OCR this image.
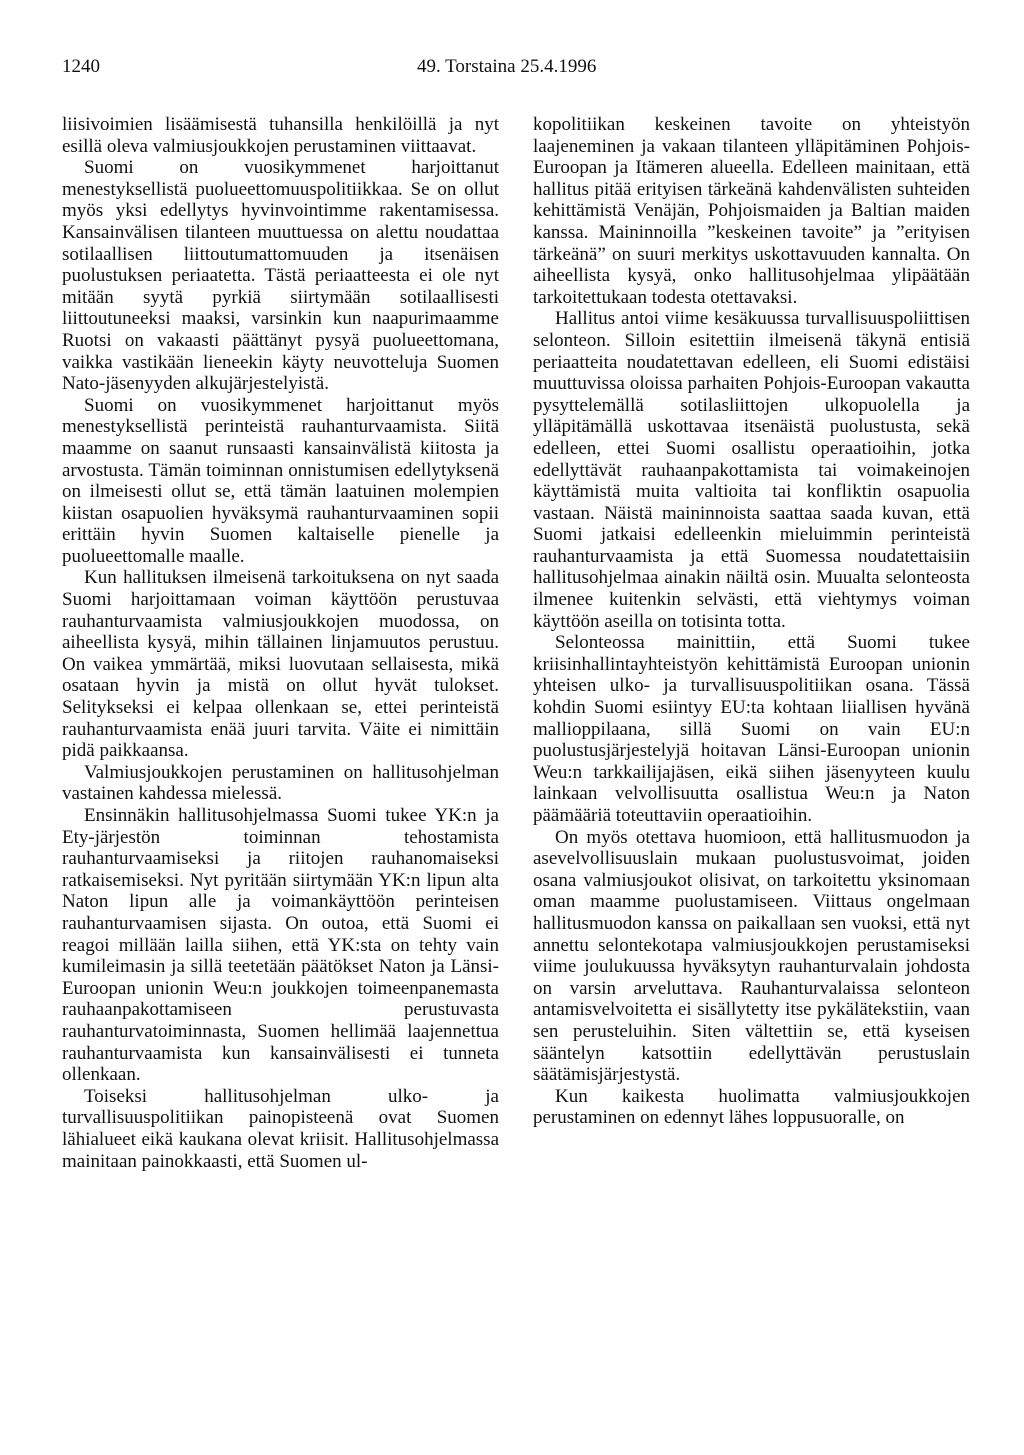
1240	49. Torstaina 25.4.1996

liisivoimien lisäämisestä tuhansilla henkilöillä ja nyt esillä oleva valmiusjoukkojen perustaminen viittaavat.

Suomi on vuosikymmenet harjoittanut menestyksellistä puolueettomuuspolitiikkaa. Se on ollut myös yksi edellytys hyvinvointimme rakentamisessa. Kansainvälisen tilanteen muuttuessa on alettu noudattaa sotilaallisen liittoutumattomuuden ja itsenäisen puolustuksen periaatetta. Tästä periaatteesta ei ole nyt mitään syytä pyrkiä siirtymään sotilaallisesti liittoutuneeksi maaksi, varsinkin kun naapurimaamme Ruotsi on vakaasti päättänyt pysyä puolueettomana, vaikka vastikään lieneekin käyty neuvotteluja Suomen Nato-jäsenyyden alkujärjestelyistä.

Suomi on vuosikymmenet harjoittanut myös menestyksellistä perinteistä rauhanturvaamista. Siitä maamme on saanut runsaasti kansainvälistä kiitosta ja arvostusta. Tämän toiminnan onnistumisen edellytyksenä on ilmeisesti ollut se, että tämän laatuinen molempien kiistan osapuolien hyväksymä rauhanturvaaminen sopii erittäin hyvin Suomen kaltaiselle pienelle ja puolueettomalle maalle.

Kun hallituksen ilmeisenä tarkoituksena on nyt saada Suomi harjoittamaan voiman käyttöön perustuvaa rauhanturvaamista valmiusjoukkojen muodossa, on aiheellista kysyä, mihin tällainen linjamuutos perustuu. On vaikea ymmärtää, miksi luovutaan sellaisesta, mikä osataan hyvin ja mistä on ollut hyvät tulokset. Selitykseksi ei kelpaa ollenkaan se, ettei perinteistä rauhanturvaamista enää juuri tarvita. Väite ei nimittäin pidä paikkaansa.

Valmiusjoukkojen perustaminen on hallitusohjelman vastainen kahdessa mielessä.

Ensinnäkin hallitusohjelmassa Suomi tukee YK:n ja Ety-järjestön toiminnan tehostamista rauhanturvaamiseksi ja riitojen rauhanomaiseksi ratkaisemiseksi. Nyt pyritään siirtymään YK:n lipun alta Naton lipun alle ja voimankäyttöön perinteisen rauhanturvaamisen sijasta. On outoa, että Suomi ei reagoi millään lailla siihen, että YK:sta on tehty vain kumileimasin ja sillä teetetään päätökset Naton ja Länsi-Euroopan unionin Weu:n joukkojen toimeenpanemasta rauhaanpakottamiseen perustuvasta rauhanturvatoiminnasta, Suomen hellimää laajennettua rauhanturvaamista kun kansainvälisesti ei tunneta ollenkaan.

Toiseksi hallitusohjelman ulko- ja turvallisuuspolitiikan painopisteenä ovat Suomen lähialueet eikä kaukana olevat kriisit. Hallitusohjelmassa mainitaan painokkaasti, että Suomen ul-

kopolitiikan keskeinen tavoite on yhteistyön laajeneminen ja vakaan tilanteen ylläpitäminen Pohjois-Euroopan ja Itämeren alueella. Edelleen mainitaan, että hallitus pitää erityisen tärkeänä kahdenvälisten suhteiden kehittämistä Venäjän, Pohjoismaiden ja Baltian maiden kanssa. Maininnoilla ”keskeinen tavoite” ja ”erityisen tärkeänä” on suuri merkitys uskottavuuden kannalta. On aiheellista kysyä, onko hallitusohjelmaa ylipäätään tarkoitettukaan todesta otettavaksi.

Hallitus antoi viime kesäkuussa turvallisuuspoliittisen selonteon. Silloin esitettiin ilmeisenä täkynä entisiä periaatteita noudatettavan edelleen, eli Suomi edistäisi muuttuvissa oloissa parhaiten Pohjois-Euroopan vakautta pysyttelemällä sotilasliittojen ulkopuolella ja ylläpitämällä uskottavaa itsenäistä puolustusta, sekä edelleen, ettei Suomi osallistu operaatioihin, jotka edellyttävät rauhaanpakottamista tai voimakeinojen käyttämistä muita valtioita tai konfliktin osapuolia vastaan. Näistä maininnoista saattaa saada kuvan, että Suomi jatkaisi edelleenkin mieluimmin perinteistä rauhanturvaamista ja että Suomessa noudatettaisiin hallitusohjelmaa ainakin näiltä osin. Muualta selonteosta ilmenee kuitenkin selvästi, että viehtymys voiman käyttöön aseilla on totisinta totta.

Selonteossa mainittiin, että Suomi tukee kriisinhallintayhteistyön kehittämistä Euroopan unionin yhteisen ulko- ja turvallisuuspolitiikan osana. Tässä kohdin Suomi esiintyy EU:ta kohtaan liiallisen hyvänä mallioppilaana, sillä Suomi on vain EU:n puolustusjärjestelyjä hoitavan Länsi-Euroopan unionin Weu:n tarkkailijajäsen, eikä siihen jäsenyyteen kuulu lainkaan velvollisuutta osallistua Weu:n ja Naton päämääriä toteuttaviin operaatioihin.

On myös otettava huomioon, että hallitusmuodon ja asevelvollisuuslain mukaan puolustusvoimat, joiden osana valmiusjoukot olisivat, on tarkoitettu yksinomaan oman maamme puolustamiseen. Viittaus ongelmaan hallitusmuodon kanssa on paikallaan sen vuoksi, että nyt annettu selontekotapa valmiusjoukkojen perustamiseksi viime joulukuussa hyväksytyn rauhanturvalain johdosta on varsin arveluttava. Rauhanturvalaissa selonteon antamisvelvoitetta ei sisällytetty itse pykälätekstiin, vaan sen perusteluihin. Siten vältettiin se, että kyseisen sääntelyn katsottiin edellyttävän perustuslain säätämisjärjestystä.

Kun kaikesta huolimatta valmiusjoukkojen perustaminen on edennyt lähes loppusuoralle, on
